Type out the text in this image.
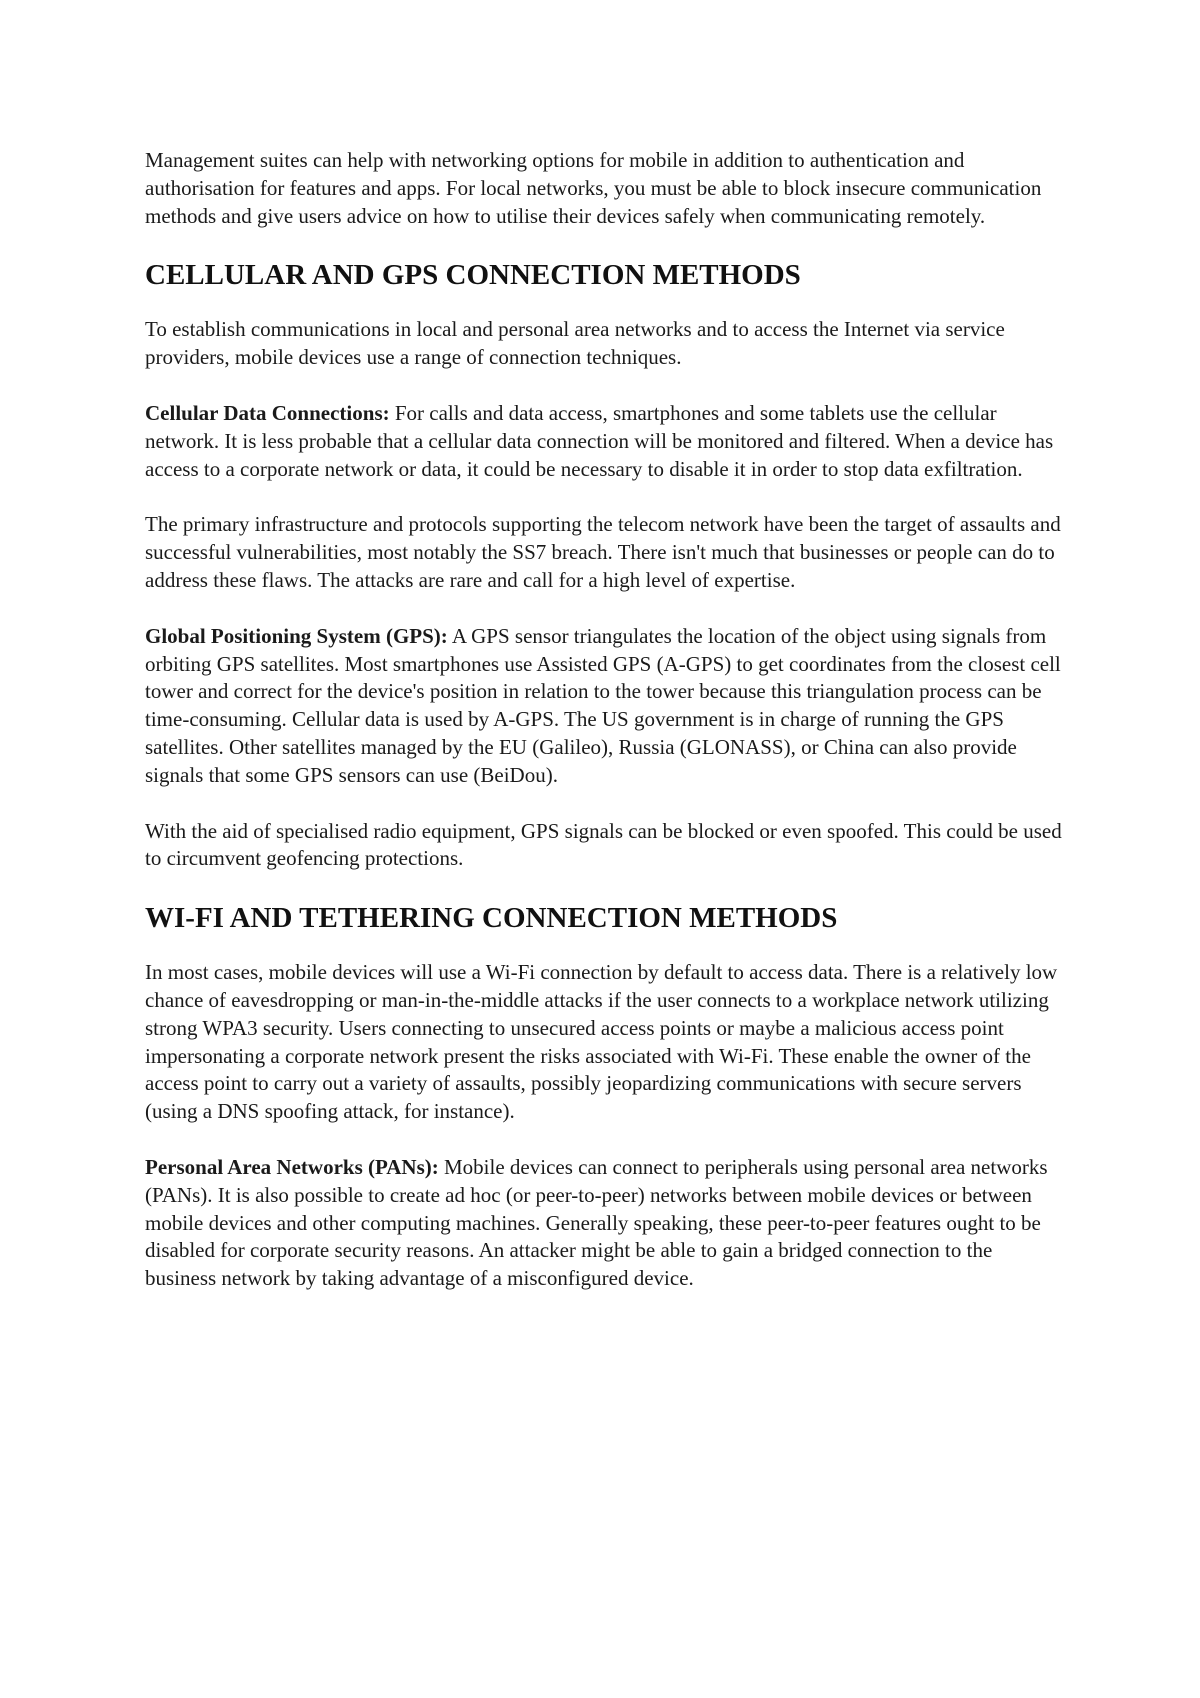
Management suites can help with networking options for mobile in addition to authentication and authorisation for features and apps. For local networks, you must be able to block insecure communication methods and give users advice on how to utilise their devices safely when communicating remotely.

CELLULAR AND GPS CONNECTION METHODS

To establish communications in local and personal area networks and to access the Internet via service providers, mobile devices use a range of connection techniques.

Cellular Data Connections: For calls and data access, smartphones and some tablets use the cellular network. It is less probable that a cellular data connection will be monitored and filtered. When a device has access to a corporate network or data, it could be necessary to disable it in order to stop data exfiltration.

The primary infrastructure and protocols supporting the telecom network have been the target of assaults and successful vulnerabilities, most notably the SS7 breach. There isn't much that businesses or people can do to address these flaws. The attacks are rare and call for a high level of expertise.

Global Positioning System (GPS): A GPS sensor triangulates the location of the object using signals from orbiting GPS satellites. Most smartphones use Assisted GPS (A-GPS) to get coordinates from the closest cell tower and correct for the device's position in relation to the tower because this triangulation process can be time-consuming. Cellular data is used by A-GPS. The US government is in charge of running the GPS satellites. Other satellites managed by the EU (Galileo), Russia (GLONASS), or China can also provide signals that some GPS sensors can use (BeiDou).

With the aid of specialised radio equipment, GPS signals can be blocked or even spoofed. This could be used to circumvent geofencing protections.

WI-FI AND TETHERING CONNECTION METHODS

In most cases, mobile devices will use a Wi-Fi connection by default to access data. There is a relatively low chance of eavesdropping or man-in-the-middle attacks if the user connects to a workplace network utilizing strong WPA3 security. Users connecting to unsecured access points or maybe a malicious access point impersonating a corporate network present the risks associated with Wi-Fi. These enable the owner of the access point to carry out a variety of assaults, possibly jeopardizing communications with secure servers (using a DNS spoofing attack, for instance).

Personal Area Networks (PANs): Mobile devices can connect to peripherals using personal area networks (PANs). It is also possible to create ad hoc (or peer-to-peer) networks between mobile devices or between mobile devices and other computing machines. Generally speaking, these peer-to-peer features ought to be disabled for corporate security reasons. An attacker might be able to gain a bridged connection to the business network by taking advantage of a misconfigured device.
